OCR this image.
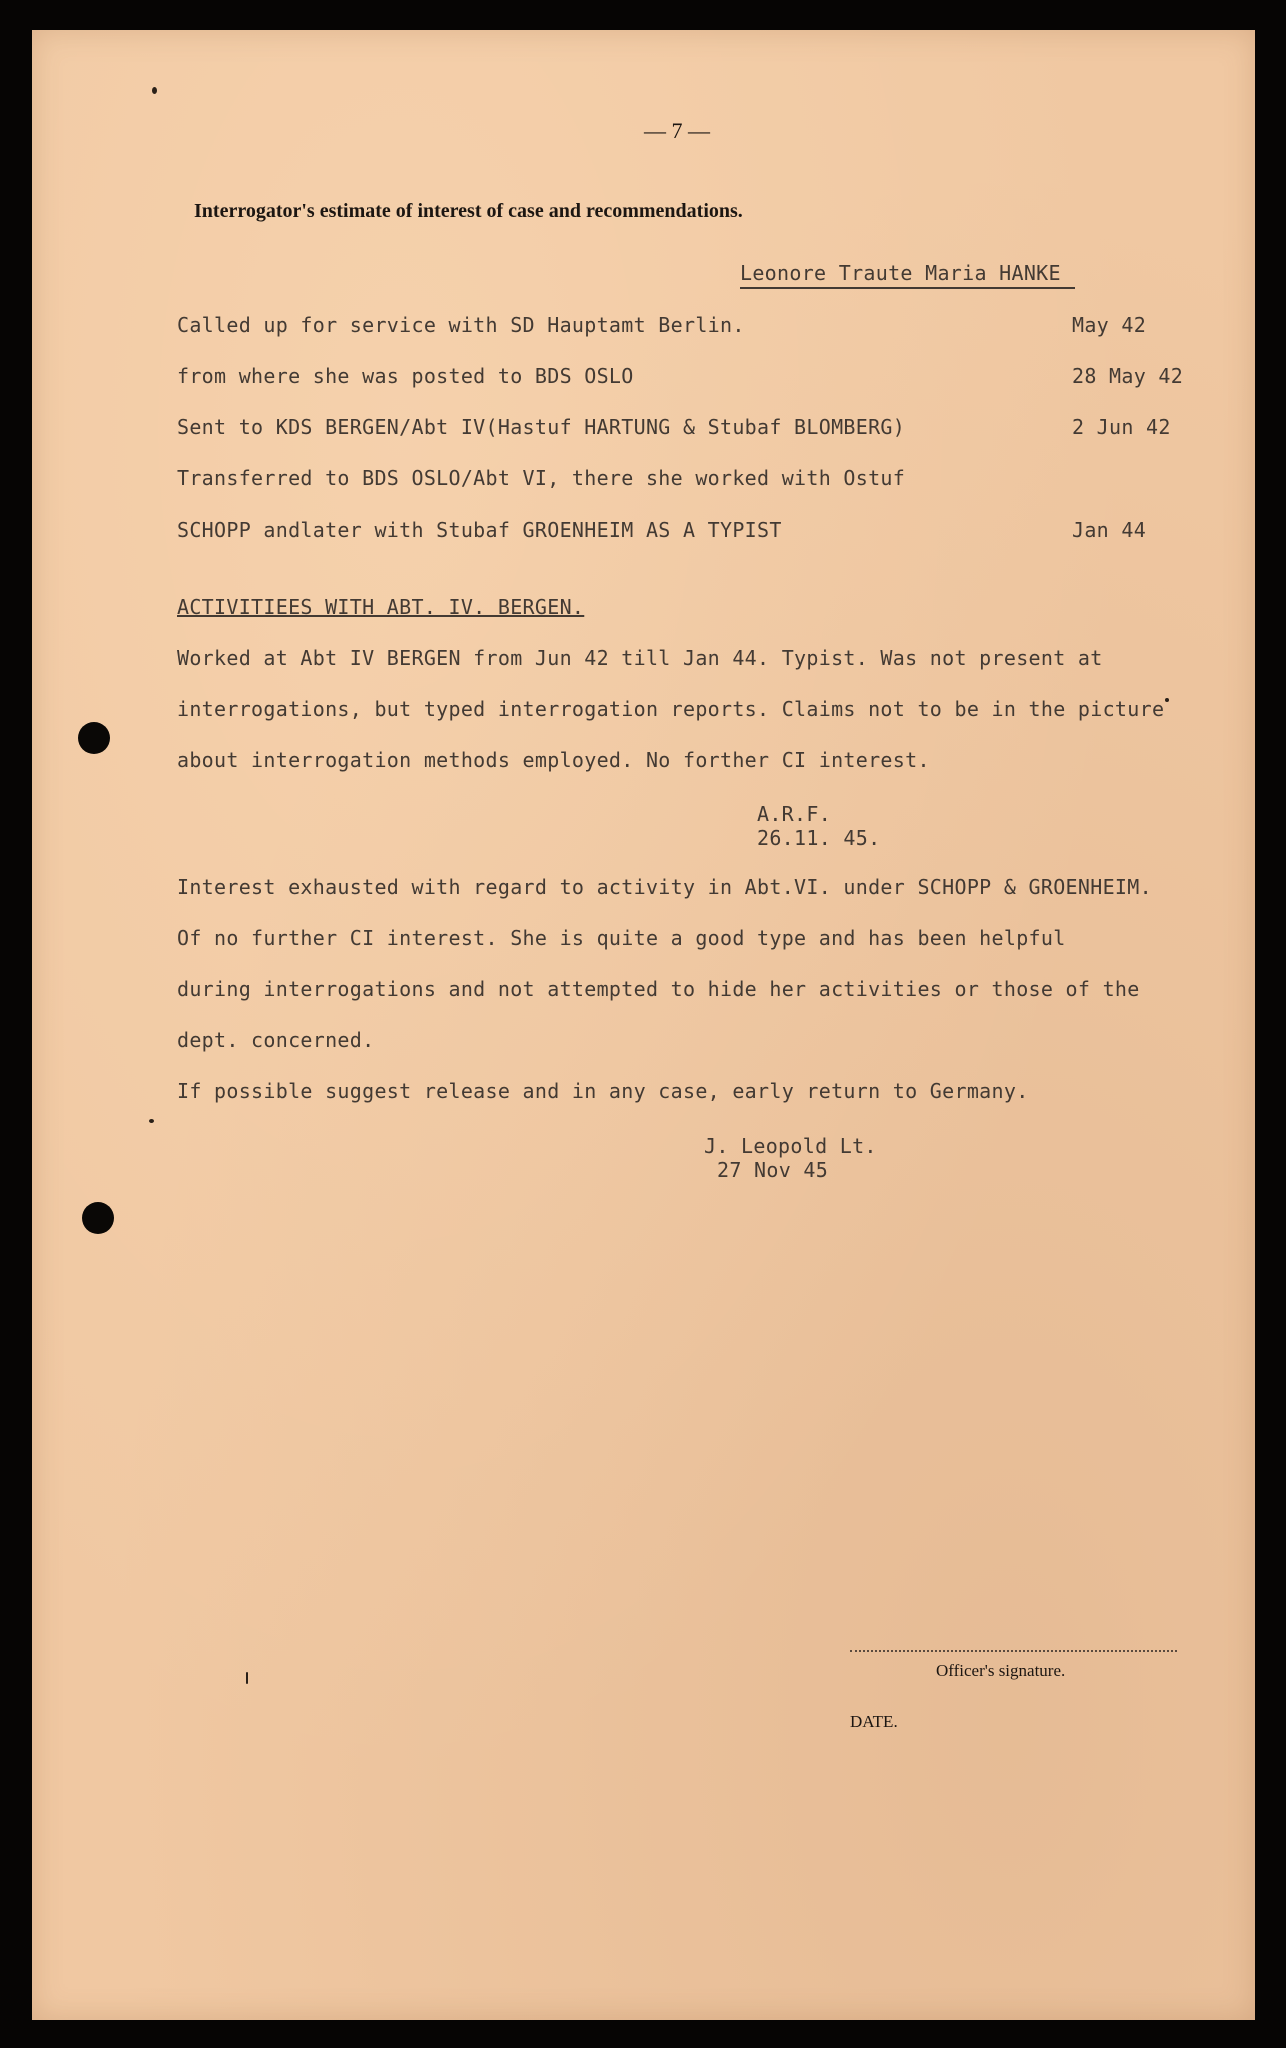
— 7 —
Interrogator's estimate of interest of case and recommendations.
Leonore Traute Maria HANKE
Called up for service with SD Hauptamt Berlin.	May 42
from where she was posted to BDS OSLO	28 May 42
Sent to KDS BERGEN/Abt IV(Hastuf HARTUNG & Stubaf BLOMBERG)	2 Jun 42
Transferred to BDS OSLO/Abt VI, there she worked with Ostuf
SCHOPP andlater with Stubaf GROENHEIM AS A TYPIST	Jan 44
ACTIVITIEES WITH ABT. IV. BERGEN.
Worked at Abt IV BERGEN from Jun 42 till Jan 44. Typist. Was not present at
interrogations, but typed interrogation reports. Claims not to be in the picture
about interrogation methods employed. No forther CI interest.
A.R.F.
26.11. 45.
Interest exhausted with regard to activity in Abt.VI. under SCHOPP & GROENHEIM.
Of no further CI interest. She is quite a good type and has been helpful
during interrogations and not attempted to hide her activities or those of the
dept. concerned.
If possible suggest release and in any case, early return to Germany.
J. Leopold Lt.
27 Nov 45
Officer's signature.
DATE.
